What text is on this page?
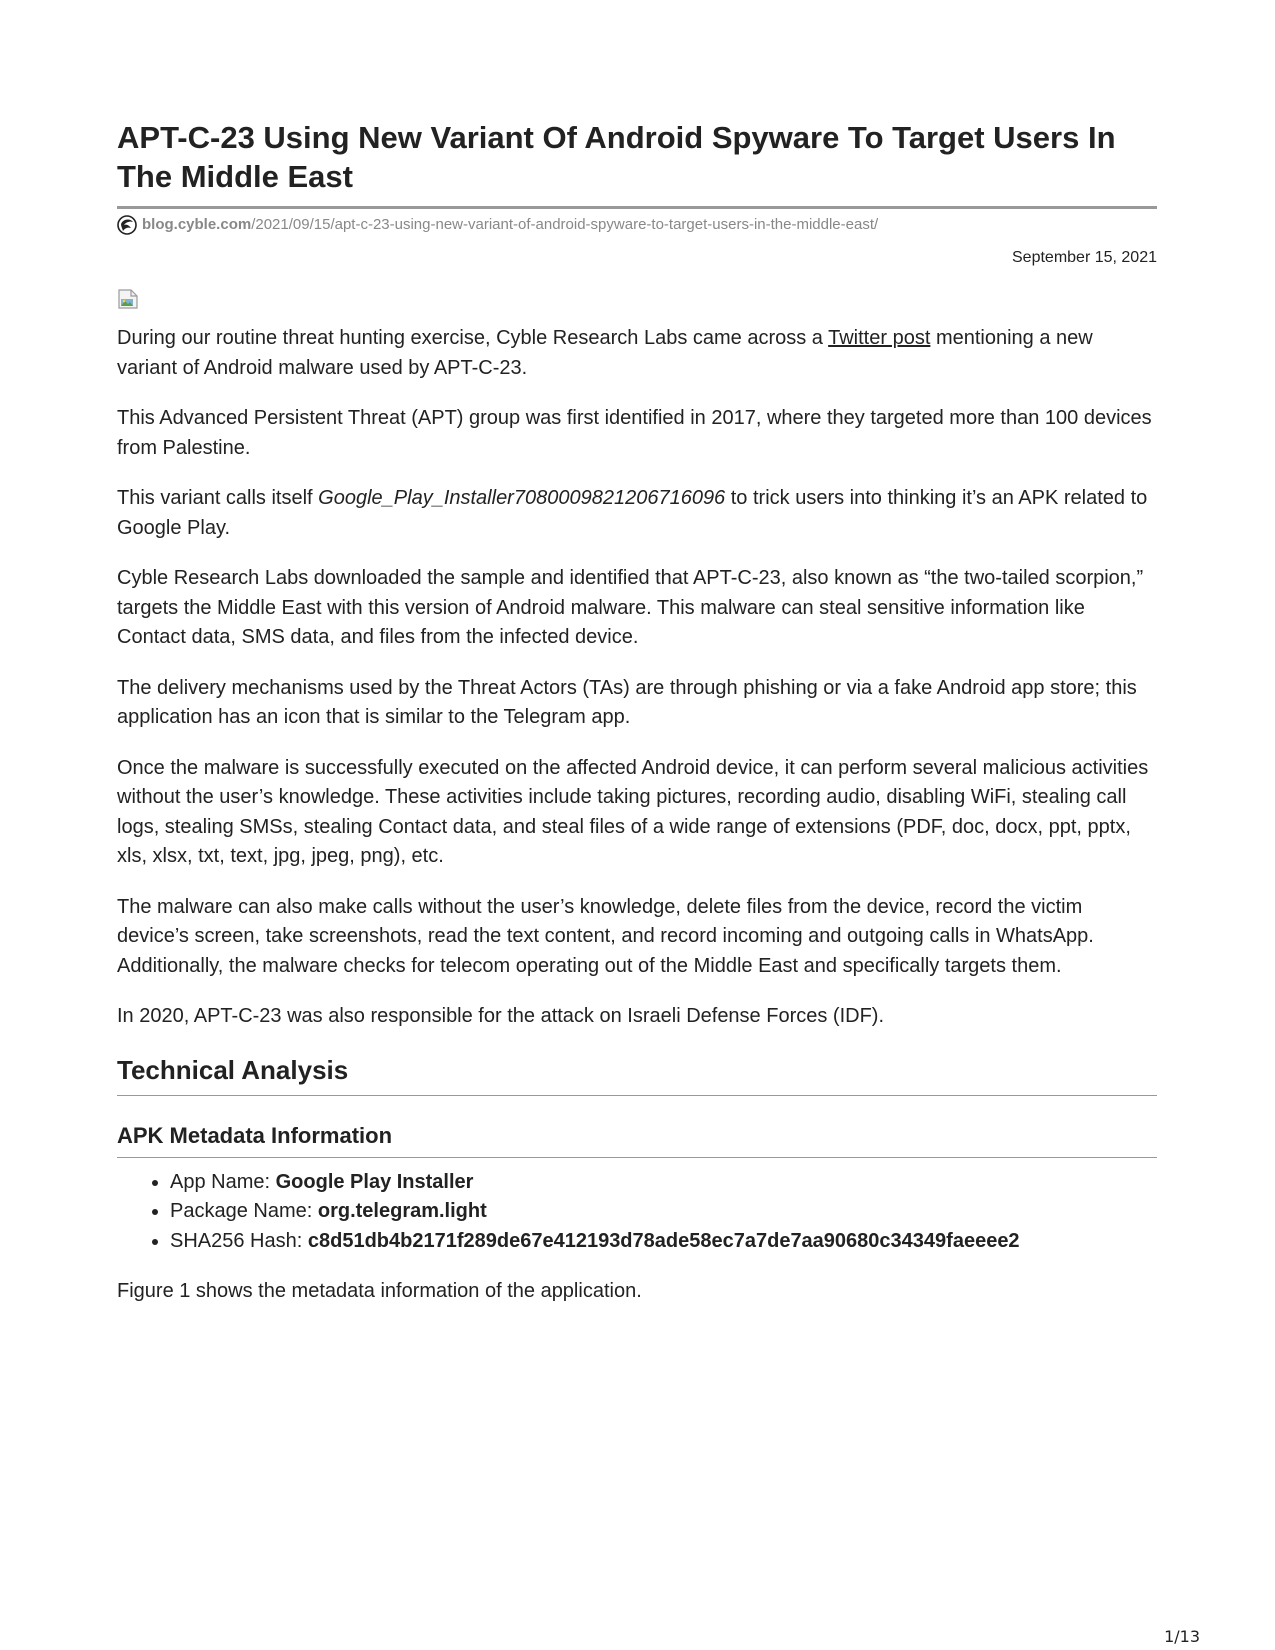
APT-C-23 Using New Variant Of Android Spyware To Target Users In The Middle East
blog.cyble.com /2021/09/15/apt-c-23-using-new-variant-of-android-spyware-to-target-users-in-the-middle-east/
September 15, 2021

During our routine threat hunting exercise, Cyble Research Labs came across a Twitter post mentioning a new variant of Android malware used by APT-C-23.

This Advanced Persistent Threat (APT) group was first identified in 2017, where they targeted more than 100 devices from Palestine.

This variant calls itself Google_Play_Installer7080009821206716096 to trick users into thinking it’s an APK related to Google Play.

Cyble Research Labs downloaded the sample and identified that APT-C-23, also known as “the two-tailed scorpion,” targets the Middle East with this version of Android malware. This malware can steal sensitive information like Contact data, SMS data, and files from the infected device.

The delivery mechanisms used by the Threat Actors (TAs) are through phishing or via a fake Android app store; this application has an icon that is similar to the Telegram app.

Once the malware is successfully executed on the affected Android device, it can perform several malicious activities without the user’s knowledge. These activities include taking pictures, recording audio, disabling WiFi, stealing call logs, stealing SMSs, stealing Contact data, and steal files of a wide range of extensions (PDF, doc, docx, ppt, pptx, xls, xlsx, txt, text, jpg, jpeg, png), etc.

The malware can also make calls without the user’s knowledge, delete files from the device, record the victim device’s screen, take screenshots, read the text content, and record incoming and outgoing calls in WhatsApp. Additionally, the malware checks for telecom operating out of the Middle East and specifically targets them.

In 2020, APT-C-23 was also responsible for the attack on Israeli Defense Forces (IDF).

Technical Analysis
APK Metadata Information
• App Name: Google Play Installer
• Package Name: org.telegram.light
• SHA256 Hash: c8d51db4b2171f289de67e412193d78ade58ec7a7de7aa90680c34349faeeee2

Figure 1 shows the metadata information of the application.

1/13
